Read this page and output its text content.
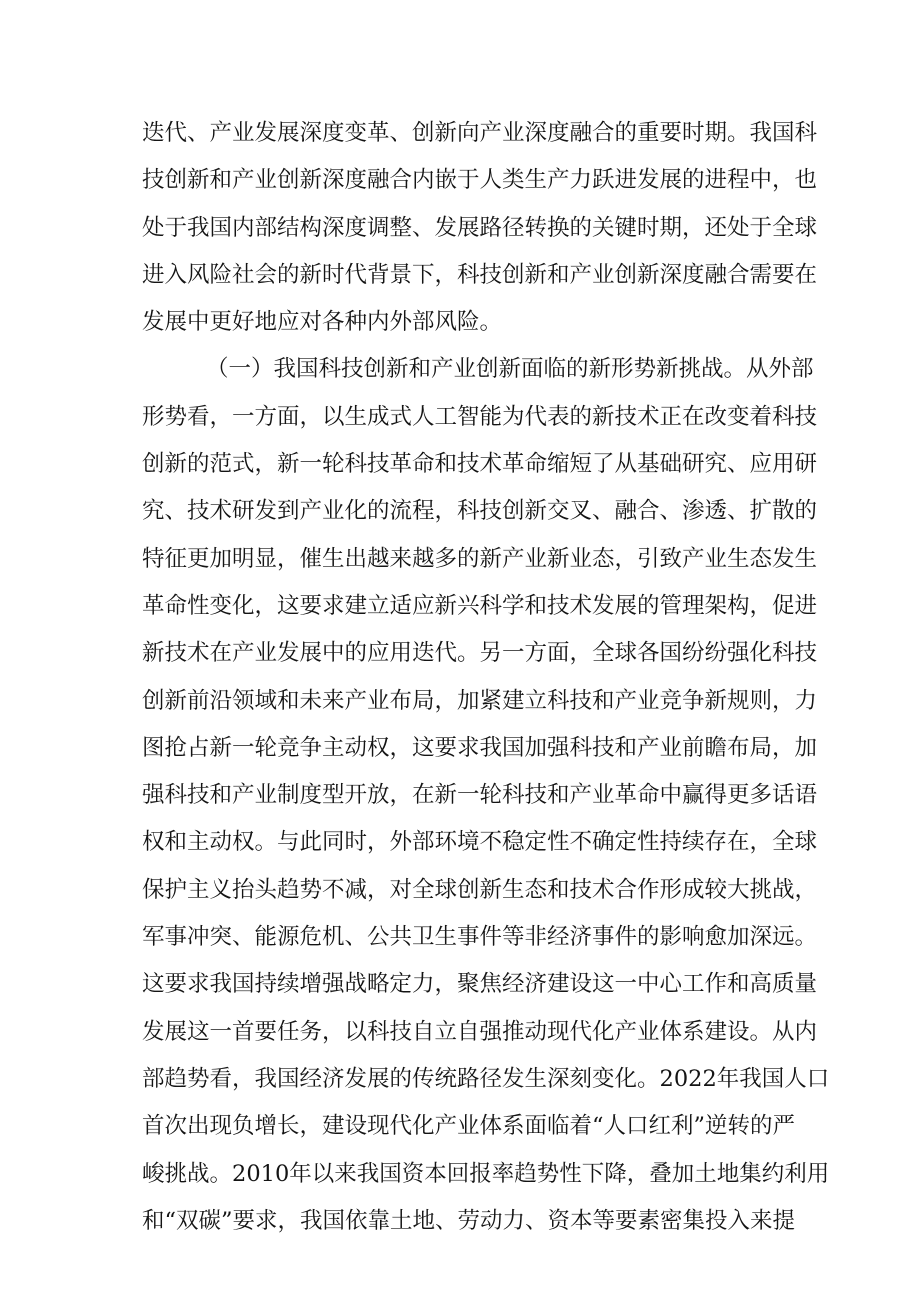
迭代、产业发展深度变革、创新向产业深度融合的重要时期。我国科
技创新和产业创新深度融合内嵌于人类生产力跃进发展的进程中，也
处于我国内部结构深度调整、发展路径转换的关键时期，还处于全球
进入风险社会的新时代背景下，科技创新和产业创新深度融合需要在
发展中更好地应对各种内外部风险。
（一）我国科技创新和产业创新面临的新形势新挑战。从外部
形势看，一方面，以生成式人工智能为代表的新技术正在改变着科技
创新的范式，新一轮科技革命和技术革命缩短了从基础研究、应用研
究、技术研发到产业化的流程，科技创新交叉、融合、渗透、扩散的
特征更加明显，催生出越来越多的新产业新业态，引致产业生态发生
革命性变化，这要求建立适应新兴科学和技术发展的管理架构，促进
新技术在产业发展中的应用迭代。另一方面，全球各国纷纷强化科技
创新前沿领域和未来产业布局，加紧建立科技和产业竞争新规则，力
图抢占新一轮竞争主动权，这要求我国加强科技和产业前瞻布局，加
强科技和产业制度型开放，在新一轮科技和产业革命中赢得更多话语
权和主动权。与此同时，外部环境不稳定性不确定性持续存在，全球
保护主义抬头趋势不减，对全球创新生态和技术合作形成较大挑战，
军事冲突、能源危机、公共卫生事件等非经济事件的影响愈加深远。
这要求我国持续增强战略定力，聚焦经济建设这一中心工作和高质量
发展这一首要任务，以科技自立自强推动现代化产业体系建设。从内
部趋势看，我国经济发展的传统路径发生深刻变化。2022年我国人口
首次出现负增长，建设现代化产业体系面临着“人口红利”逆转的严
峻挑战。2010年以来我国资本回报率趋势性下降，叠加土地集约利用
和“双碳”要求，我国依靠土地、劳动力、资本等要素密集投入来提
